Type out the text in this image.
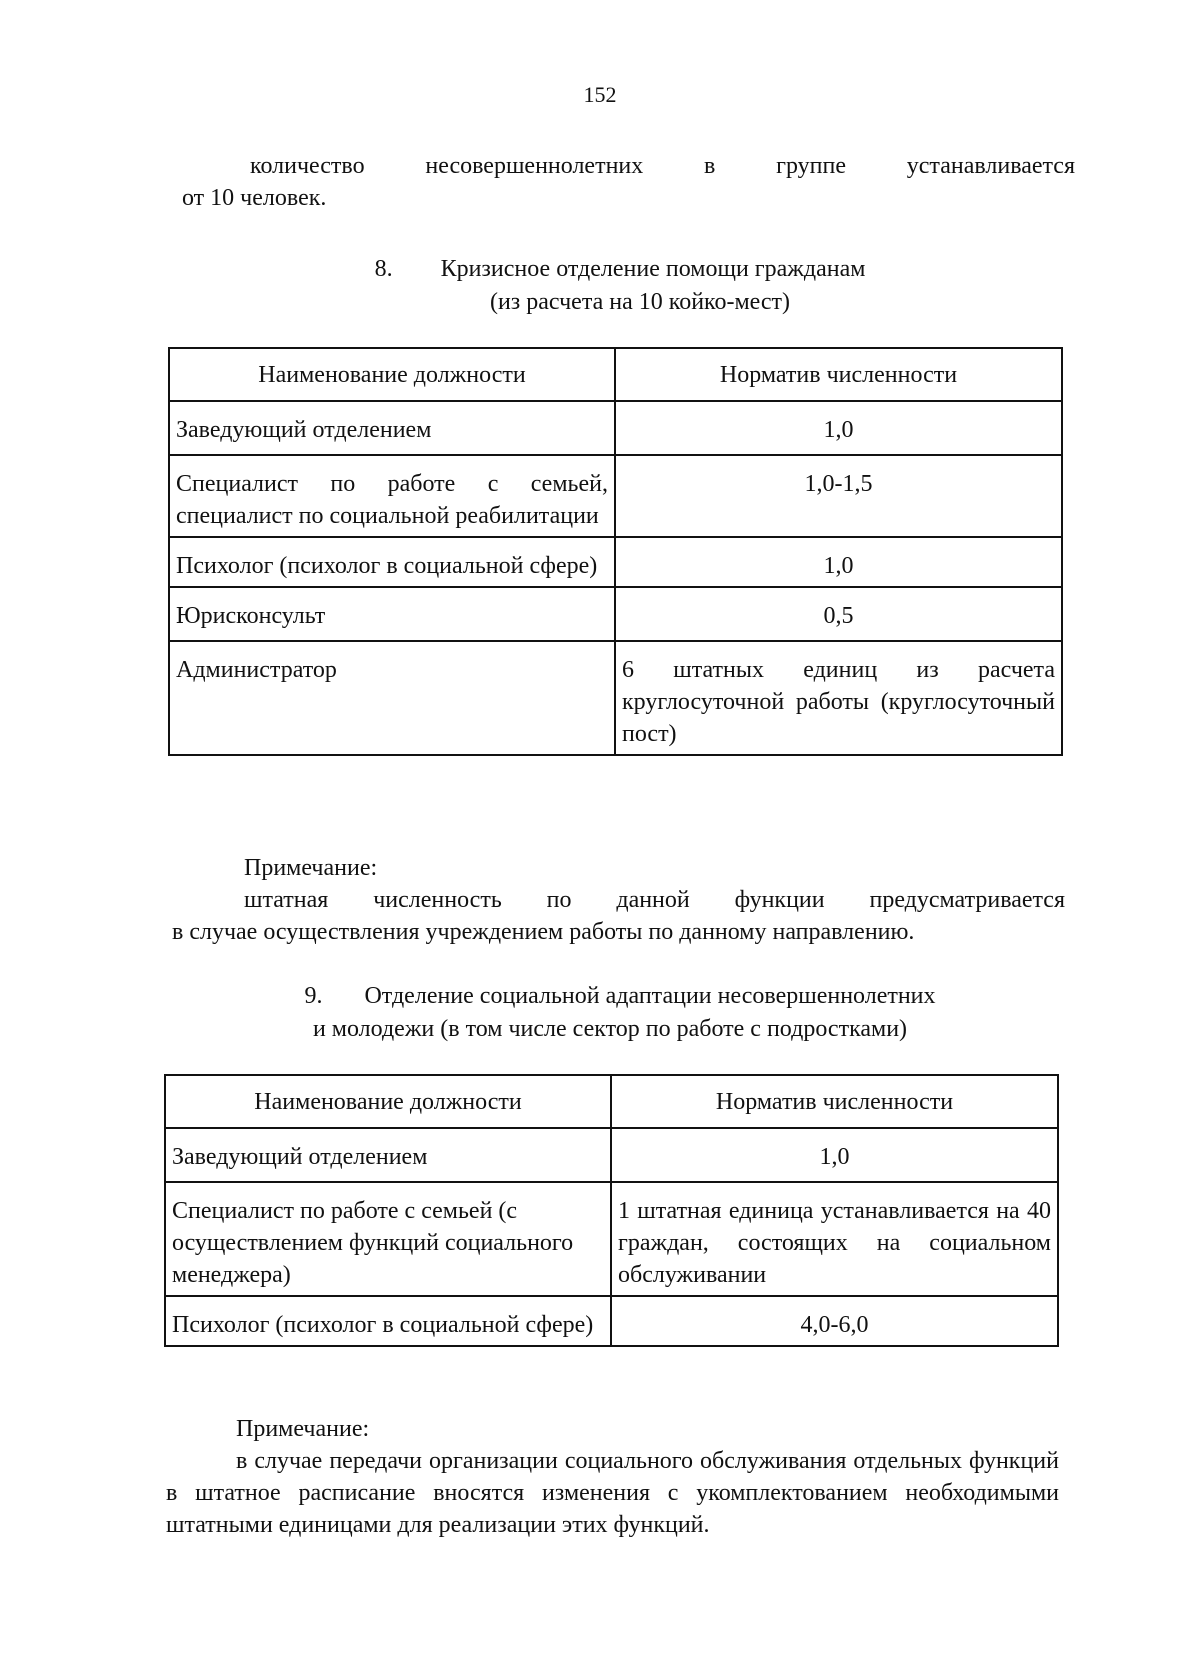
152
количество несовершеннолетних в группе устанавливается
от 10 человек.
8. Кризисное отделение помощи гражданам
(из расчета на 10 койко-мест)
Наименование должности	Норматив численности
Заведующий отделением	1,0
Специалист по работе с семьей, специалист по социальной реабилитации	1,0-1,5
Психолог (психолог в социальной сфере)	1,0
Юрисконсульт	0,5
Администратор	6 штатных единиц из расчета круглосуточной работы (круглосуточный пост)
Примечание:
штатная численность по данной функции предусматривается
в случае осуществления учреждением работы по данному направлению.
9. Отделение социальной адаптации несовершеннолетних
и молодежи (в том числе сектор по работе с подростками)
Наименование должности	Норматив численности
Заведующий отделением	1,0
Специалист по работе с семьей (с осуществлением функций социального менеджера)	1 штатная единица устанавливается на 40 граждан, состоящих на социальном обслуживании
Психолог (психолог в социальной сфере)	4,0-6,0
Примечание:
в случае передачи организации социального обслуживания отдельных функций в штатное расписание вносятся изменения с укомплектованием необходимыми штатными единицами для реализации этих функций.
